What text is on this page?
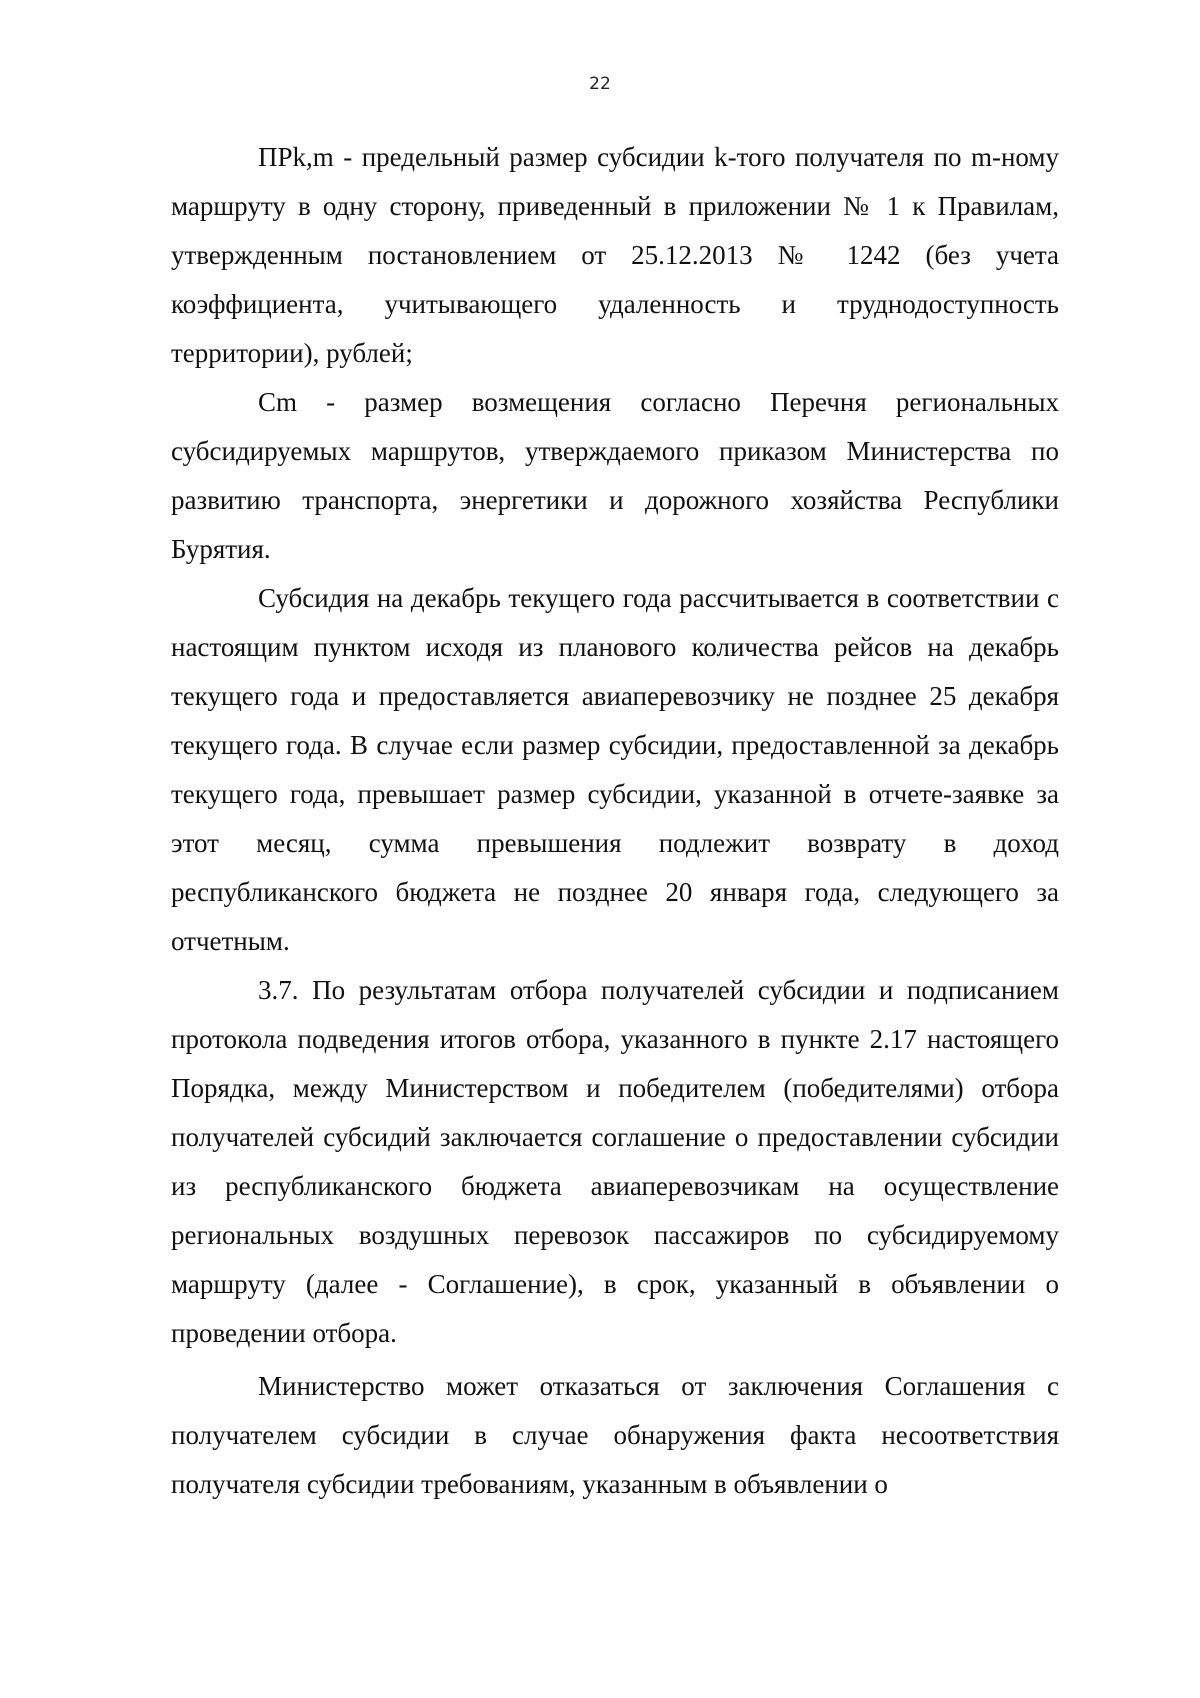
22

ПРk,m - предельный размер субсидии k-того получателя по m-ному маршруту в одну сторону, приведенный в приложении № 1 к Правилам, утвержденным постановлением от 25.12.2013 № 1242 (без учета коэффициента, учитывающего удаленность и труднодоступность территории), рублей;

Сm - размер возмещения согласно Перечня региональных субсидируемых маршрутов, утверждаемого приказом Министерства по развитию транспорта, энергетики и дорожного хозяйства Республики Бурятия.

Субсидия на декабрь текущего года рассчитывается в соответствии с настоящим пунктом исходя из планового количества рейсов на декабрь текущего года и предоставляется авиаперевозчику не позднее 25 декабря текущего года. В случае если размер субсидии, предоставленной за декабрь текущего года, превышает размер субсидии, указанной в отчете-заявке за этот месяц, сумма превышения подлежит возврату в доход республиканского бюджета не позднее 20 января года, следующего за отчетным.

3.7. По результатам отбора получателей субсидии и подписанием протокола подведения итогов отбора, указанного в пункте 2.17 настоящего Порядка, между Министерством и победителем (победителями) отбора получателей субсидий заключается соглашение о предоставлении субсидии из республиканского бюджета авиаперевозчикам на осуществление региональных воздушных перевозок пассажиров по субсидируемому маршруту (далее - Соглашение), в срок, указанный в объявлении о проведении отбора.

Министерство может отказаться от заключения Соглашения с получателем субсидии в случае обнаружения факта несоответствия получателя субсидии требованиям, указанным в объявлении о
